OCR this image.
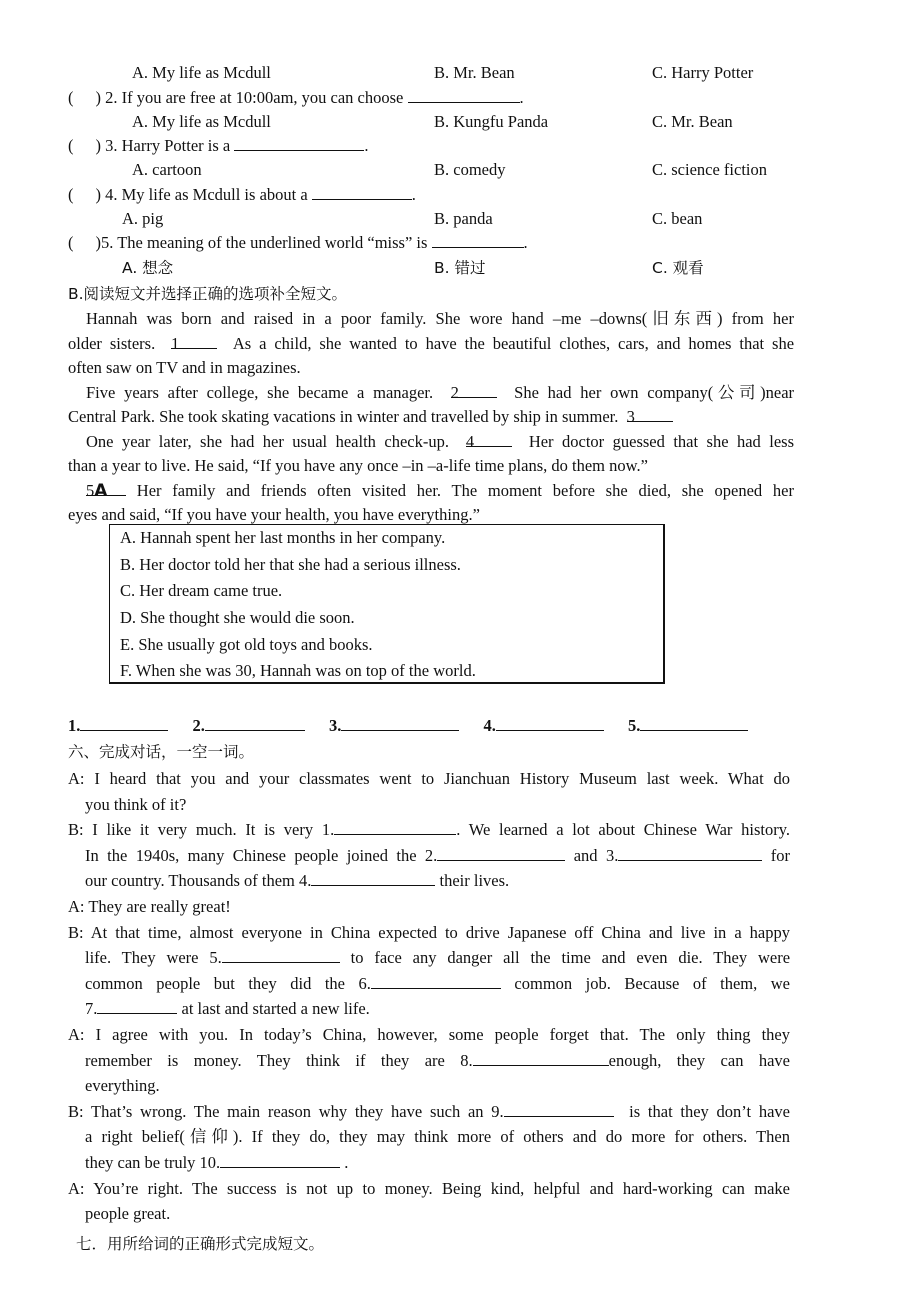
A. My life as Mcdull	B. Mr. Bean	C. Harry Potter
( ) 2. If you are free at 10:00am, you can choose	.
A. My life as Mcdull	B. Kungfu Panda	C. Mr. Bean
( ) 3. Harry Potter is a	.
A. cartoon	B. comedy	C. science fiction
( ) 4. My life as Mcdull is about a	.
A. pig	B. panda	C. bean
( )5. The meaning of the underlined world “miss” is	.
A. 想念	B. 错过	C. 观看
B.阅读短文并选择正确的选项补全短文。
Hannah was born and raised in a poor family. She wore hand –me –downs(旧东西) from her
older sisters. 1	As a child, she wanted to have the beautiful clothes, cars, and homes that she
often saw on TV and in magazines.
Five years after college, she became a manager. 2	She had her own company(公司)near
Central Park. She took skating vacations in winter and travelled by ship in summer. 3
One year later, she had her usual health check-up. 4	Her doctor guessed that she had less
than a year to live. He said, “If you have any once –in –a-life time plans, do them now.”
5A Her family and friends often visited her. The moment before she died, she opened her
eyes and said, “If you have your health, you have everything.”
A. Hannah spent her last months in her company.
B. Her doctor told her that she had a serious illness.
C. Her dream came true.
D. She thought she would die soon.
E. She usually got old toys and books.
F. When she was 30, Hannah was on top of the world.
1.	2.	3.	4.	5.
六、完成对话，一空一词。
A: I heard that you and your classmates went to Jianchuan History Museum last week. What do
you think of it?
B: I like it very much. It is very 1.	. We learned a lot about Chinese War history.
In the 1940s, many Chinese people joined the 2.	and 3.	for
our country. Thousands of them 4.	their lives.
A: They are really great!
B: At that time, almost everyone in China expected to drive Japanese off China and live in a happy
life. They were 5.	to face any danger all the time and even die. They were
common people but they did the 6.	common job. Because of them, we
7.	at last and started a new life.
A: I agree with you. In today’s China, however, some people forget that. The only thing they
remember is money. They think if they are 8.	enough, they can have
everything.
B: That’s wrong. The main reason why they have such an 9.	is that they don’t have
a right belief(信仰). If they do, they may think more of others and do more for others. Then
they can be truly 10.	.
A: You’re right. The success is not up to money. Being kind, helpful and hard-working can make
people great.
七．用所给词的正确形式完成短文。
